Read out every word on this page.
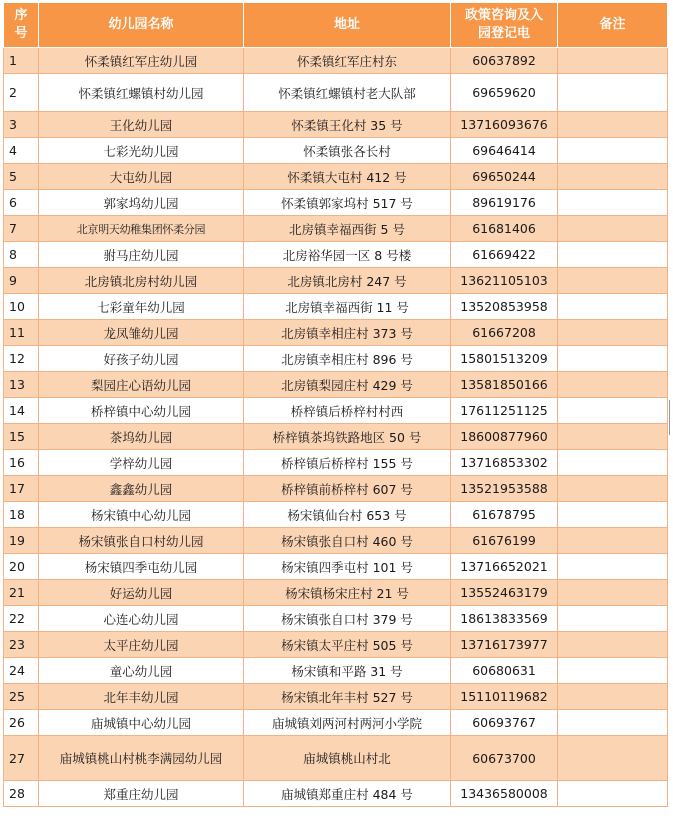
序号	幼儿园名称	地址	政策咨询及入园登记电	备注
1	怀柔镇红军庄幼儿园	怀柔镇红军庄村东	60637892	
2	怀柔镇红螺镇村幼儿园	怀柔镇红螺镇村老大队部	69659620	
3	王化幼儿园	怀柔镇王化村 35 号	13716093676	
4	七彩光幼儿园	怀柔镇张各长村	69646414	
5	大屯幼儿园	怀柔镇大屯村 412 号	69650244	
6	郭家坞幼儿园	怀柔镇郭家坞村 517 号	89619176	
7	北京明天幼稚集团怀柔分园	北房镇幸福西街 5 号	61681406	
8	驸马庄幼儿园	北房裕华园一区 8 号楼	61669422	
9	北房镇北房村幼儿园	北房镇北房村 247 号	13621105103	
10	七彩童年幼儿园	北房镇幸福西街 11 号	13520853958	
11	龙凤雏幼儿园	北房镇幸相庄村 373 号	61667208	
12	好孩子幼儿园	北房镇幸相庄村 896 号	15801513209	
13	梨园庄心语幼儿园	北房镇梨园庄村 429 号	13581850166	
14	桥梓镇中心幼儿园	桥梓镇后桥梓村村西	17611251125	
15	茶坞幼儿园	桥梓镇茶坞铁路地区 50 号	18600877960	
16	学梓幼儿园	桥梓镇后桥梓村 155 号	13716853302	
17	鑫鑫幼儿园	桥梓镇前桥梓村 607 号	13521953588	
18	杨宋镇中心幼儿园	杨宋镇仙台村 653 号	61678795	
19	杨宋镇张自口村幼儿园	杨宋镇张自口村 460 号	61676199	
20	杨宋镇四季屯幼儿园	杨宋镇四季屯村 101 号	13716652021	
21	好运幼儿园	杨宋镇杨宋庄村 21 号	13552463179	
22	心连心幼儿园	杨宋镇张自口村 379 号	18613833569	
23	太平庄幼儿园	杨宋镇太平庄村 505 号	13716173977	
24	童心幼儿园	杨宋镇和平路 31 号	60680631	
25	北年丰幼儿园	杨宋镇北年丰村 527 号	15110119682	
26	庙城镇中心幼儿园	庙城镇刘两河村两河小学院	60693767	
27	庙城镇桃山村桃李满园幼儿园	庙城镇桃山村北	60673700	
28	郑重庄幼儿园	庙城镇郑重庄村 484 号	13436580008	
